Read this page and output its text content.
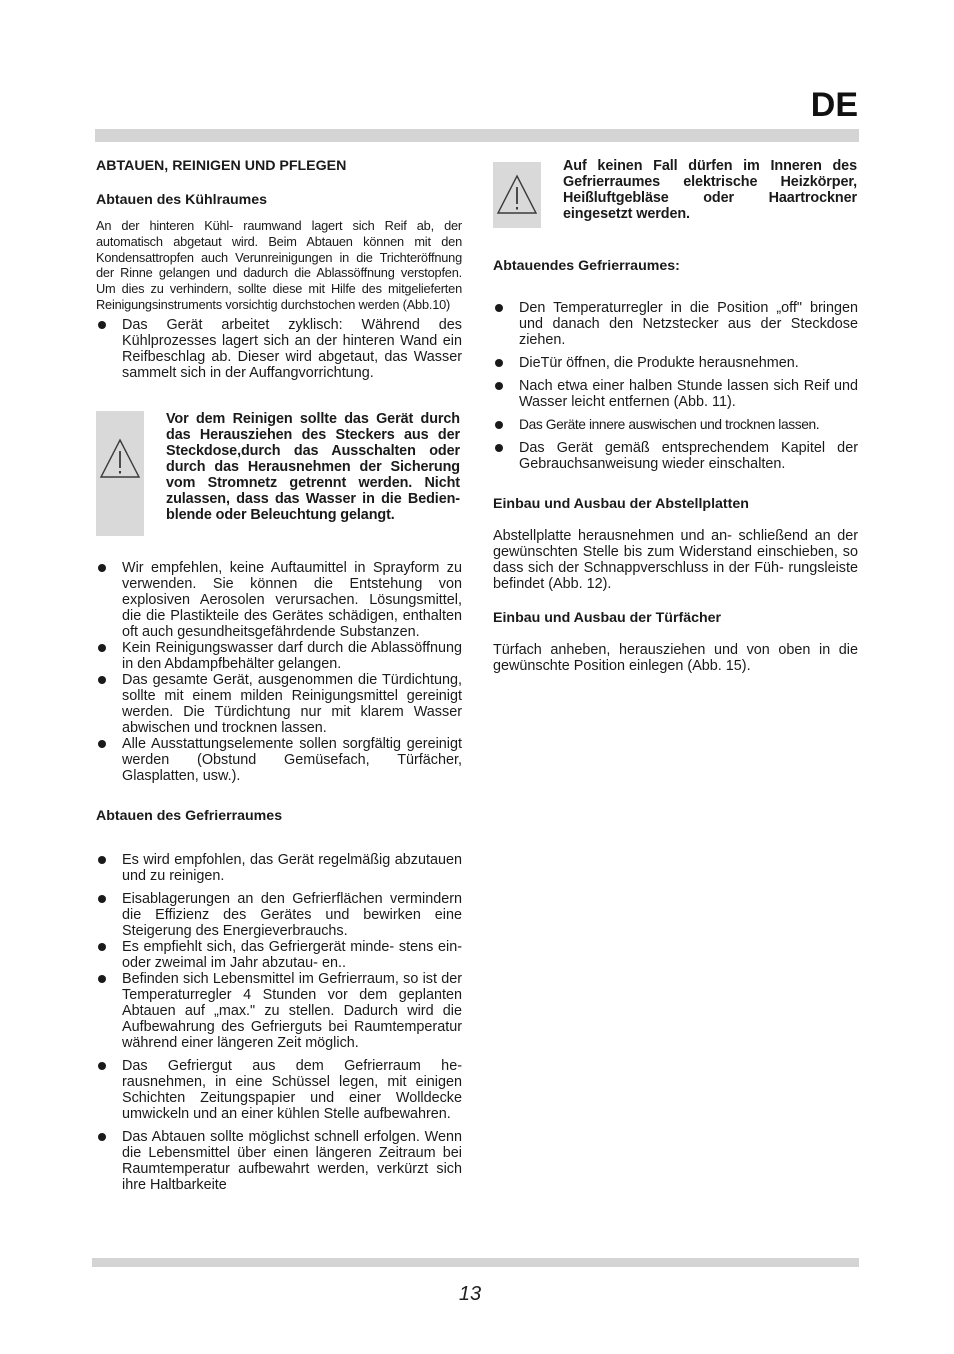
DE
ABTAUEN, REINIGEN UND PFLEGEN
Abtauen des Kühlraumes

An der hinteren Kühl- raumwand lagert sich Reif ab, der automatisch abgetaut wird. Beim Abtauen können mit den Kondensattropfen auch Verunreinigungen in die Trichteröffnung der Rinne gelangen und dadurch die Ablassöffnung verstopfen. Um dies zu verhindern, sollte diese mit Hilfe des mitgelieferten Reinigungsinstruments vorsichtig durchstochen werden (Abb.10)

Das Gerät arbeitet zyklisch: Während des Kühlprozesses lagert sich an der hinteren Wand ein Reifbeschlag ab. Dieser wird abgetaut, das Wasser sammelt sich in der Auffangvorrichtung.
Vor dem Reinigen sollte das Gerät durch das Herausziehen des Steckers aus der Steckdose,durch das Ausschalten oder durch das Herausnehmen der Sicherung vom Stromnetz getrennt werden. Nicht zulassen, dass das Wasser in die Bedien- blende oder Beleuchtung gelangt.
Wir empfehlen, keine Auftaumittel in Sprayform zu verwenden. Sie können die Entstehung von explosiven Aerosolen verursachen. Lösungsmittel, die die Plastikteile des Gerätes schädigen, enthalten oft auch gesundheitsgefährdende Substanzen.
Kein Reinigungswasser darf durch die Ablassöffnung in den Abdampfbehälter gelangen.
Das gesamte Gerät, ausgenommen die Türdichtung, sollte mit einem milden Reinigungsmittel gereinigt werden. Die Türdichtung nur mit klarem Wasser abwischen und trocknen lassen.
Alle Ausstattungselemente sollen sorgfältig gereinigt werden (Obstund Gemüsefach, Türfächer, Glasplatten, usw.).
Abtauen des Gefrierraumes
Es wird empfohlen, das Gerät regelmäßig abzutauen und zu reinigen.
Eisablagerungen an den Gefrierflächen vermindern die Effizienz des Gerätes und bewirken eine Steigerung des Energieverbrauchs.
Es empfiehlt sich, das Gefriergerät minde- stens ein- oder zweimal im Jahr abzutau- en..
Befinden sich Lebensmittel im Gefrierraum, so ist der Temperaturregler 4 Stunden vor dem geplanten Abtauen auf „max." zu stellen. Dadurch wird die Aufbewahrung des Gefrierguts bei Raumtemperatur während einer längeren Zeit möglich.
Das Gefriergut aus dem Gefrierraum he- rausnehmen, in eine Schüssel legen, mit einigen Schichten Zeitungspapier und einer Wolldecke umwickeln und an einer kühlen Stelle aufbewahren.
Das Abtauen sollte möglichst schnell erfolgen. Wenn die Lebensmittel über einen längeren Zeitraum bei Raumtemperatur aufbewahrt werden, verkürzt sich ihre Haltbarkeite
Auf keinen Fall dürfen im Inneren des Gefrierraumes elektrische Heizkörper, Heißluftgebläse oder Haartrockner eingesetzt werden.
Abtauendes Gefrierraumes:
Den Temperaturregler in die Position „off" bringen und danach den Netzstecker aus der Steckdose ziehen.
DieTür öffnen, die Produkte herausnehmen.
Nach etwa einer halben Stunde lassen sich Reif und Wasser leicht entfernen (Abb. 11).
Das Geräte innere auswischen und trocknen lassen.
Das Gerät gemäß entsprechendem Kapitel der Gebrauchsanweisung wieder einschalten.
Einbau und Ausbau der Abstellplatten

Abstellplatte herausnehmen und an- schließend an der gewünschten Stelle bis zum Widerstand einschieben, so dass sich der Schnappverschluss in der Füh- rungsleiste befindet (Abb. 12).

Einbau und Ausbau der Türfächer

Türfach anheben, herausziehen und von oben in die gewünschte Position einlegen (Abb. 15).

13
